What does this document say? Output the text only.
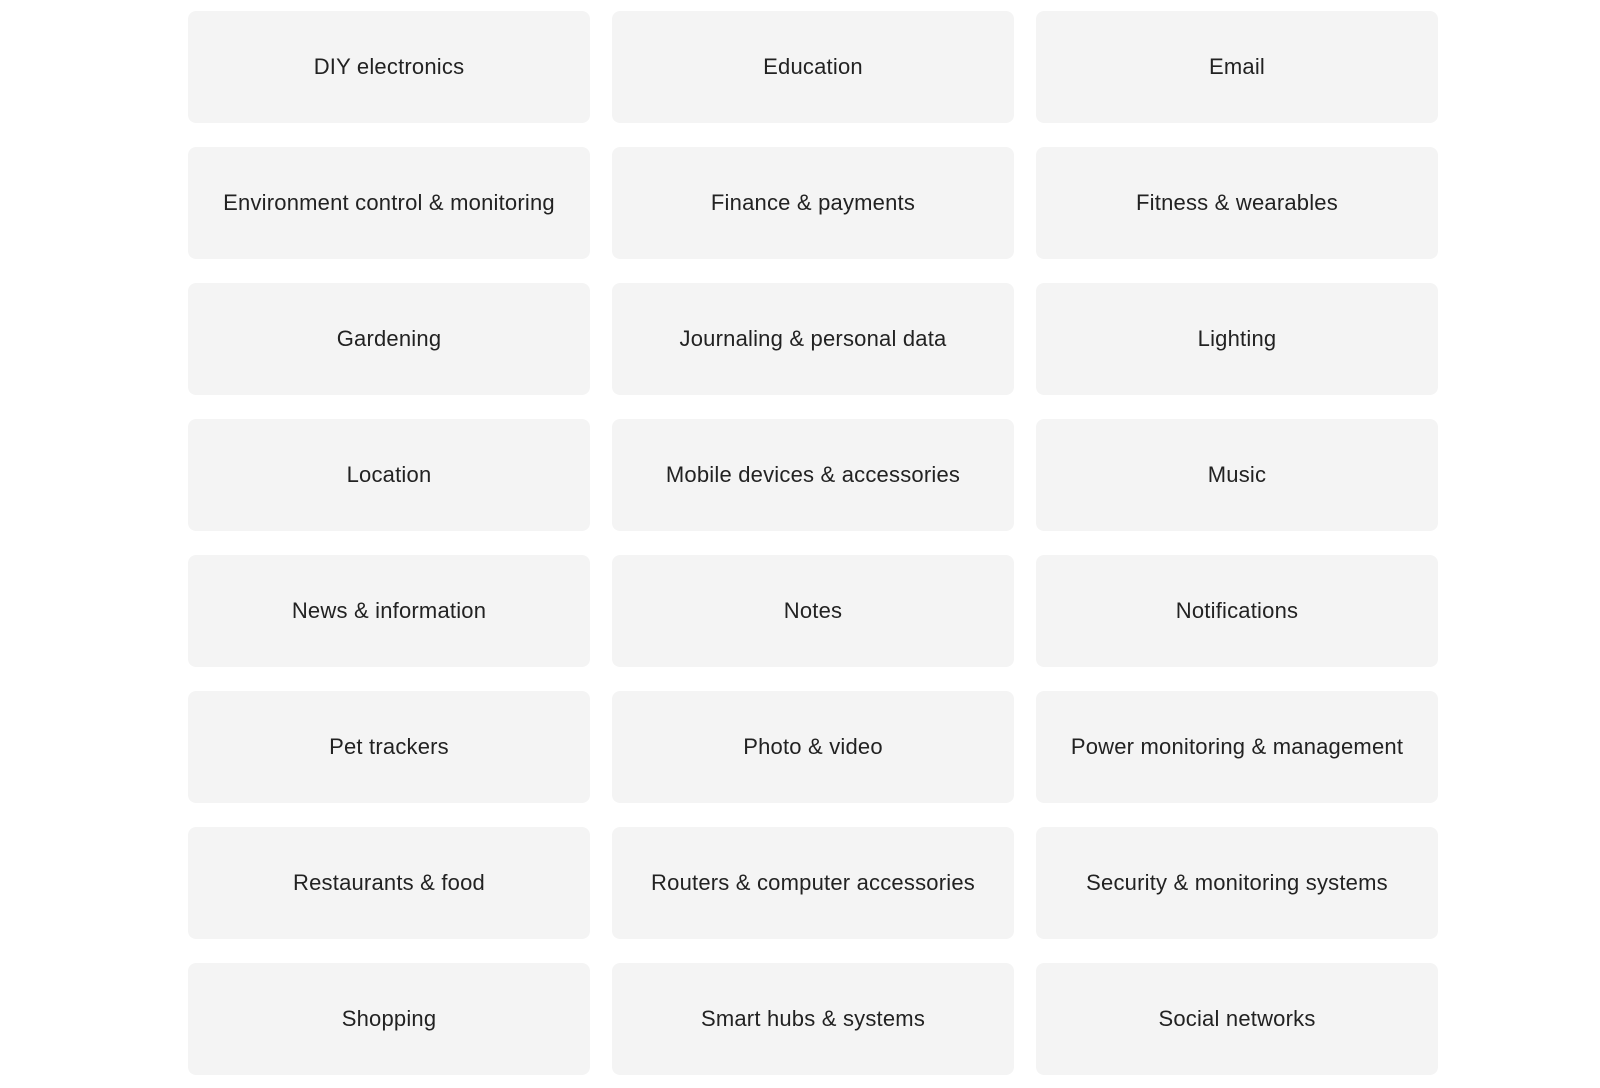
DIY electronics	Education	Email
Environment control & monitoring	Finance & payments	Fitness & wearables
Gardening	Journaling & personal data	Lighting
Location	Mobile devices & accessories	Music
News & information	Notes	Notifications
Pet trackers	Photo & video	Power monitoring & management
Restaurants & food	Routers & computer accessories	Security & monitoring systems
Shopping	Smart hubs & systems	Social networks
